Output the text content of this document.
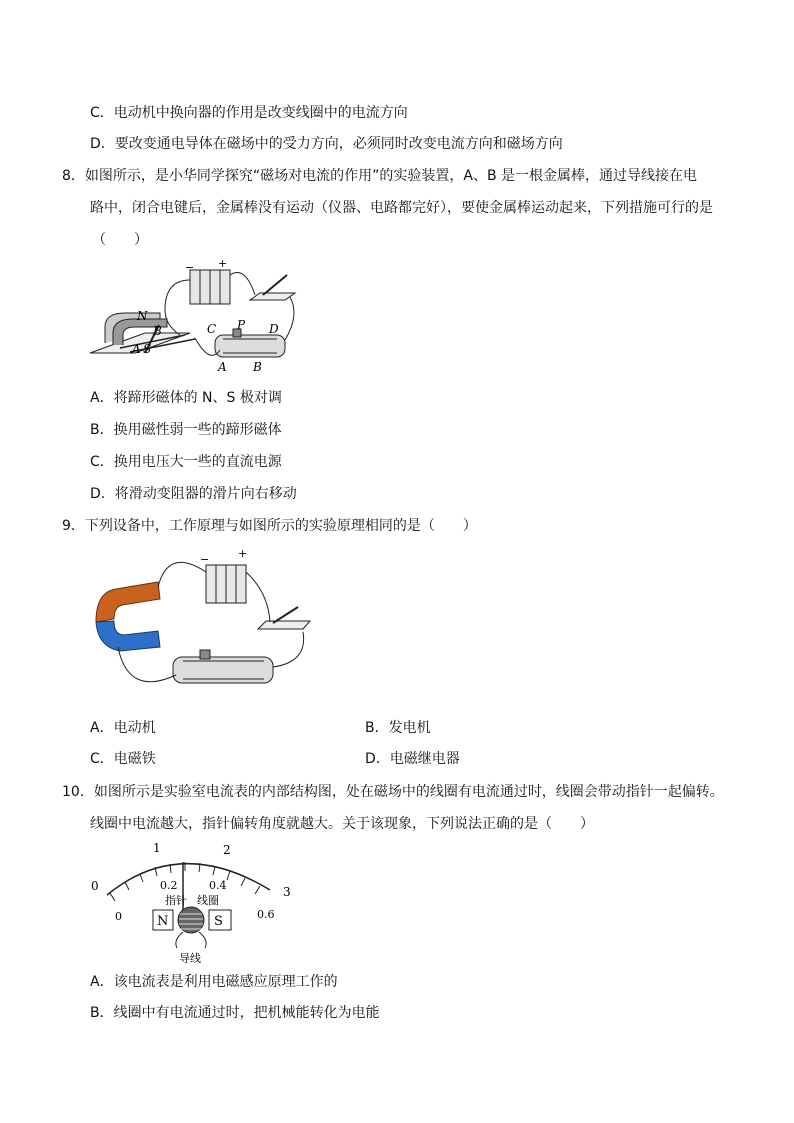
C．电动机中换向器的作用是改变线圈中的电流方向
D．要改变通电导体在磁场中的受力方向，必须同时改变电流方向和磁场方向
8．如图所示，是小华同学探究“磁场对电流的作用”的实验装置，A、B 是一根金属棒，通过导线接在电
路中，闭合电键后，金属棒没有运动（仪器、电路都完好），要使金属棒运动起来，下列措施可行的是
（　　）
N
S
A
B
− +
C P D
A B
A．将蹄形磁体的 N、S 极对调
B．换用磁性弱一些的蹄形磁体
C．换用电压大一些的直流电源
D．将滑动变阻器的滑片向右移动
9．下列设备中，工作原理与如图所示的实验原理相同的是（　　）
−	+
A．电动机	B．发电机
C．电磁铁	D．电磁继电器
10．如图所示是实验室电流表的内部结构图，处在磁场中的线圈有电流通过时，线圈会带动指针一起偏转。
线圈中电流越大，指针偏转角度就越大。关于该现象，下列说法正确的是（　　）
0
1	2
3
0
0.2	0.4
0.6
指针 线圈
N	S
导线
A．该电流表是利用电磁感应原理工作的
B．线圈中有电流通过时，把机械能转化为电能
